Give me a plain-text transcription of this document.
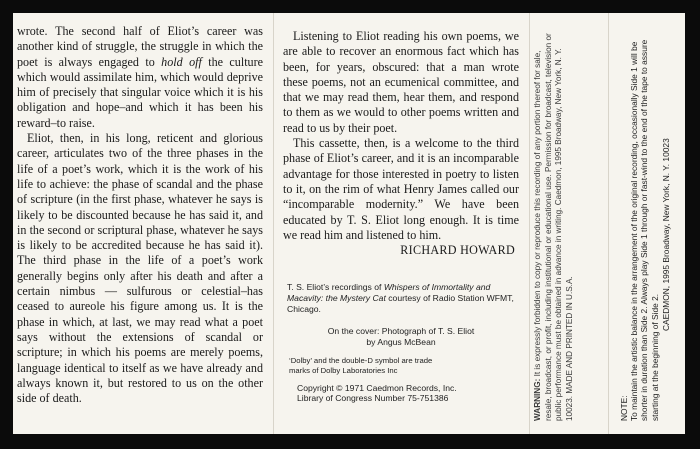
wrote. The second half of Eliot’s career was another kind of struggle, the struggle in which the poet is always engaged to hold off the culture which would assimilate him, which would deprive him of precisely that singular voice which it is his obligation and hope–and which it has been his reward–to raise.

Eliot, then, in his long, reticent and glorious career, articulates two of the three phases in the life of a poet’s work, which it is the work of his life to achieve: the phase of scandal and the phase of scripture (in the first phase, whatever he says is likely to be discounted because he has said it, and in the second or scriptural phase, whatever he says is likely to be accredited because he has said it). The third phase in the life of a poet’s work generally begins only after his death and after a certain nimbus — sulfurous or celestial–has ceased to aureole his figure among us. It is the phase in which, at last, we may read what a poet says without the extensions of scandal or scripture; in which his poems are merely poems, language identical to itself as we have already and always known it, but restored to us on the other side of death.

Listening to Eliot reading his own poems, we are able to recover an enormous fact which has been, for years, obscured: that a man wrote these poems, not an ecumenical committee, and that we may read them, hear them, and respond to them as we would to other poems written and read to us by their poet.

This cassette, then, is a welcome to the third phase of Eliot’s career, and it is an incomparable advantage for those interested in poetry to listen to it, on the rim of what Henry James called our “incomparable modernity.” We have been educated by T. S. Eliot long enough. It is time we read him and listened to him.

RICHARD HOWARD
T. S. Eliot’s recordings of Whispers of Immortality and Macavity: the Mystery Cat courtesy of Radio Station WFMT, Chicago.
On the cover: Photograph of T. S. Eliot
by Angus McBean
‘Dolby’ and the double-D symbol are trade
marks of Dolby Laboratories Inc
Copyright © 1971 Caedmon Records, Inc.
Library of Congress Number 75-751386	WARNING: It is expressly forbidden to copy or reproduce this recording of any portion thereof for sale, resale, broadcast, or profit, including institutional or educational use. Permission for broadcast, television or public performance must be obtained in advance in writing. Caedmon, 1995 Broadway, New York, N. Y. 10023. MADE AND PRINTED IN U.S.A.	NOTE: To maintain the artistic balance in the arrangement of the original recording, occasionally Side 1 will be shorter in duration than Side 2. Always play Side 1 through or fast-wind to the end of the tape to assure starting at the beginning of Side 2.
CAEDMON, 1995 Broadway, New York, N. Y. 10023
